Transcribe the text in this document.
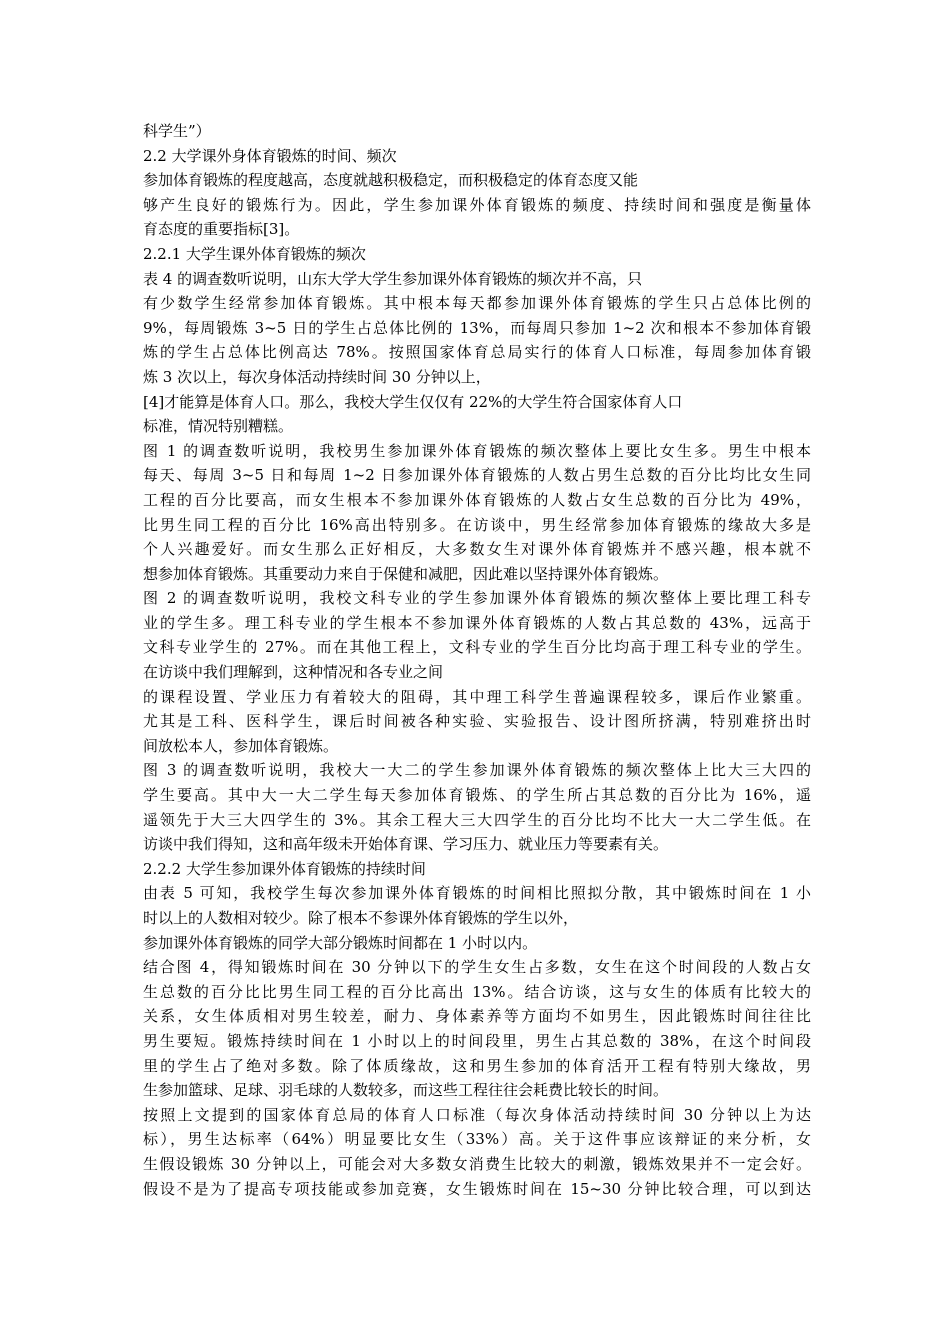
科学生”）
2.2 大学课外身体育锻炼的时间、频次
参加体育锻炼的程度越高，态度就越积极稳定，而积极稳定的体育态度又能
够产生良好的锻炼行为。因此，学生参加课外体育锻炼的频度、持续时间和强度是衡量体
育态度的重要指标[3]。
2.2.1 大学生课外体育锻炼的频次
表 4 的调查数听说明，山东大学大学生参加课外体育锻炼的频次并不高，只
有少数学生经常参加体育锻炼。其中根本每天都参加课外体育锻炼的学生只占总体比例的
9%，每周锻炼 3~5 日的学生占总体比例的 13%，而每周只参加 1~2 次和根本不参加体育锻
炼的学生占总体比例高达 78%。按照国家体育总局实行的体育人口标准，每周参加体育锻
炼 3 次以上，每次身体活动持续时间 30 分钟以上，
[4]才能算是体育人口。那么，我校大学生仅仅有 22%的大学生符合国家体育人口
标准，情况特别糟糕。
图 1 的调查数听说明，我校男生参加课外体育锻炼的频次整体上要比女生多。男生中根本
每天、每周 3~5 日和每周 1~2 日参加课外体育锻炼的人数占男生总数的百分比均比女生同
工程的百分比要高，而女生根本不参加课外体育锻炼的人数占女生总数的百分比为 49%，
比男生同工程的百分比 16%高出特别多。在访谈中，男生经常参加体育锻炼的缘故大多是
个人兴趣爱好。而女生那么正好相反，大多数女生对课外体育锻炼并不感兴趣，根本就不
想参加体育锻炼。其重要动力来自于保健和减肥，因此难以坚持课外体育锻炼。
图 2 的调查数听说明，我校文科专业的学生参加课外体育锻炼的频次整体上要比理工科专
业的学生多。理工科专业的学生根本不参加课外体育锻炼的人数占其总数的 43%，远高于
文科专业学生的 27%。而在其他工程上，文科专业的学生百分比均高于理工科专业的学生。
在访谈中我们理解到，这种情况和各专业之间
的课程设置、学业压力有着较大的阻碍，其中理工科学生普遍课程较多，课后作业繁重。
尤其是工科、医科学生，课后时间被各种实验、实验报告、设计图所挤满，特别难挤出时
间放松本人，参加体育锻炼。
图 3 的调查数听说明，我校大一大二的学生参加课外体育锻炼的频次整体上比大三大四的
学生要高。其中大一大二学生每天参加体育锻炼、的学生所占其总数的百分比为 16%，遥
遥领先于大三大四学生的 3%。其余工程大三大四学生的百分比均不比大一大二学生低。在
访谈中我们得知，这和高年级未开始体育课、学习压力、就业压力等要素有关。
2.2.2 大学生参加课外体育锻炼的持续时间
由表 5 可知，我校学生每次参加课外体育锻炼的时间相比照拟分散，其中锻炼时间在 1 小
时以上的人数相对较少。除了根本不参课外体育锻炼的学生以外，
参加课外体育锻炼的同学大部分锻炼时间都在 1 小时以内。
结合图 4，得知锻炼时间在 30 分钟以下的学生女生占多数，女生在这个时间段的人数占女
生总数的百分比比男生同工程的百分比高出 13%。结合访谈，这与女生的体质有比较大的
关系，女生体质相对男生较差，耐力、身体素养等方面均不如男生，因此锻炼时间往往比
男生要短。锻炼持续时间在 1 小时以上的时间段里，男生占其总数的 38%，在这个时间段
里的学生占了绝对多数。除了体质缘故，这和男生参加的体育活开工程有特别大缘故，男
生参加篮球、足球、羽毛球的人数较多，而这些工程往往会耗费比较长的时间。
按照上文提到的国家体育总局的体育人口标准（每次身体活动持续时间 30 分钟以上为达
标），男生达标率（64%）明显要比女生（33%）高。关于这件事应该辩证的来分析，女
生假设锻炼 30 分钟以上，可能会对大多数女消费生比较大的刺激，锻炼效果并不一定会好。
假设不是为了提高专项技能或参加竞赛，女生锻炼时间在 15~30 分钟比较合理，可以到达
